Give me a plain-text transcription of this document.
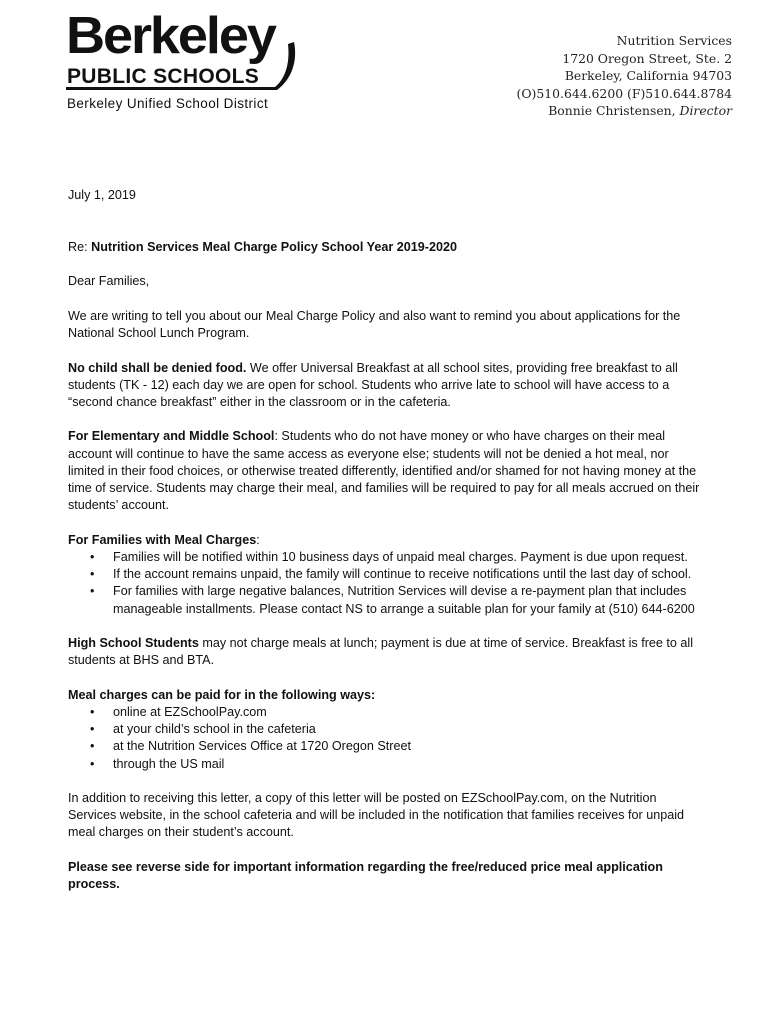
Berkeley
PUBLIC SCHOOLS
Berkeley Unified School District
Nutrition Services
1720 Oregon Street, Ste. 2
Berkeley, California 94703
(O)510.644.6200 (F)510.644.8784
Bonnie Christensen, Director

July 1, 2019

Re: Nutrition Services Meal Charge Policy School Year 2019-2020

Dear Families,

We are writing to tell you about our Meal Charge Policy and also want to remind you about applications for the National School Lunch Program.

No child shall be denied food. We offer Universal Breakfast at all school sites, providing free breakfast to all students (TK - 12) each day we are open for school. Students who arrive late to school will have access to a “second chance breakfast” either in the classroom or in the cafeteria.

For Elementary and Middle School: Students who do not have money or who have charges on their meal account will continue to have the same access as everyone else; students will not be denied a hot meal, nor limited in their food choices, or otherwise treated differently, identified and/or shamed for not having money at the time of service. Students may charge their meal, and families will be required to pay for all meals accrued on their students’ account.

For Families with Meal Charges:

• Families will be notified within 10 business days of unpaid meal charges. Payment is due upon request.
• If the account remains unpaid, the family will continue to receive notifications until the last day of school.
• For families with large negative balances, Nutrition Services will devise a re-payment plan that includes manageable installments. Please contact NS to arrange a suitable plan for your family at (510) 644-6200

High School Students may not charge meals at lunch; payment is due at time of service. Breakfast is free to all students at BHS and BTA.

Meal charges can be paid for in the following ways:

• online at EZSchoolPay.com
• at your child’s school in the cafeteria
• at the Nutrition Services Office at 1720 Oregon Street
• through the US mail

In addition to receiving this letter, a copy of this letter will be posted on EZSchoolPay.com, on the Nutrition Services website, in the school cafeteria and will be included in the notification that families receives for unpaid meal charges on their student’s account.

Please see reverse side for important information regarding the free/reduced price meal application process.
